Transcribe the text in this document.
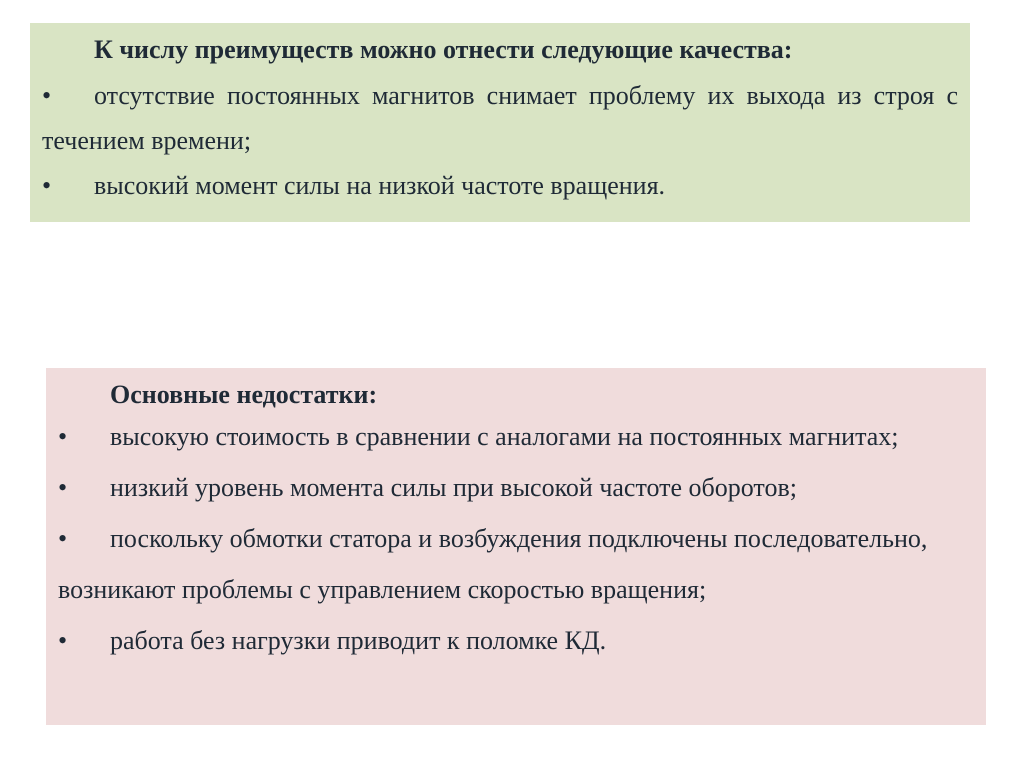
К числу преимуществ можно отнести следующие качества:

• отсутствие постоянных магнитов снимает проблему их выхода из строя с течением времени;

• высокий момент силы на низкой частоте вращения.

Основные недостатки:

• высокую стоимость в сравнении с аналогами на постоянных магнитах;

• низкий уровень момента силы при высокой частоте оборотов;

• поскольку обмотки статора и возбуждения подключены последовательно, возникают проблемы с управлением скоростью вращения;

• работа без нагрузки приводит к поломке КД.
